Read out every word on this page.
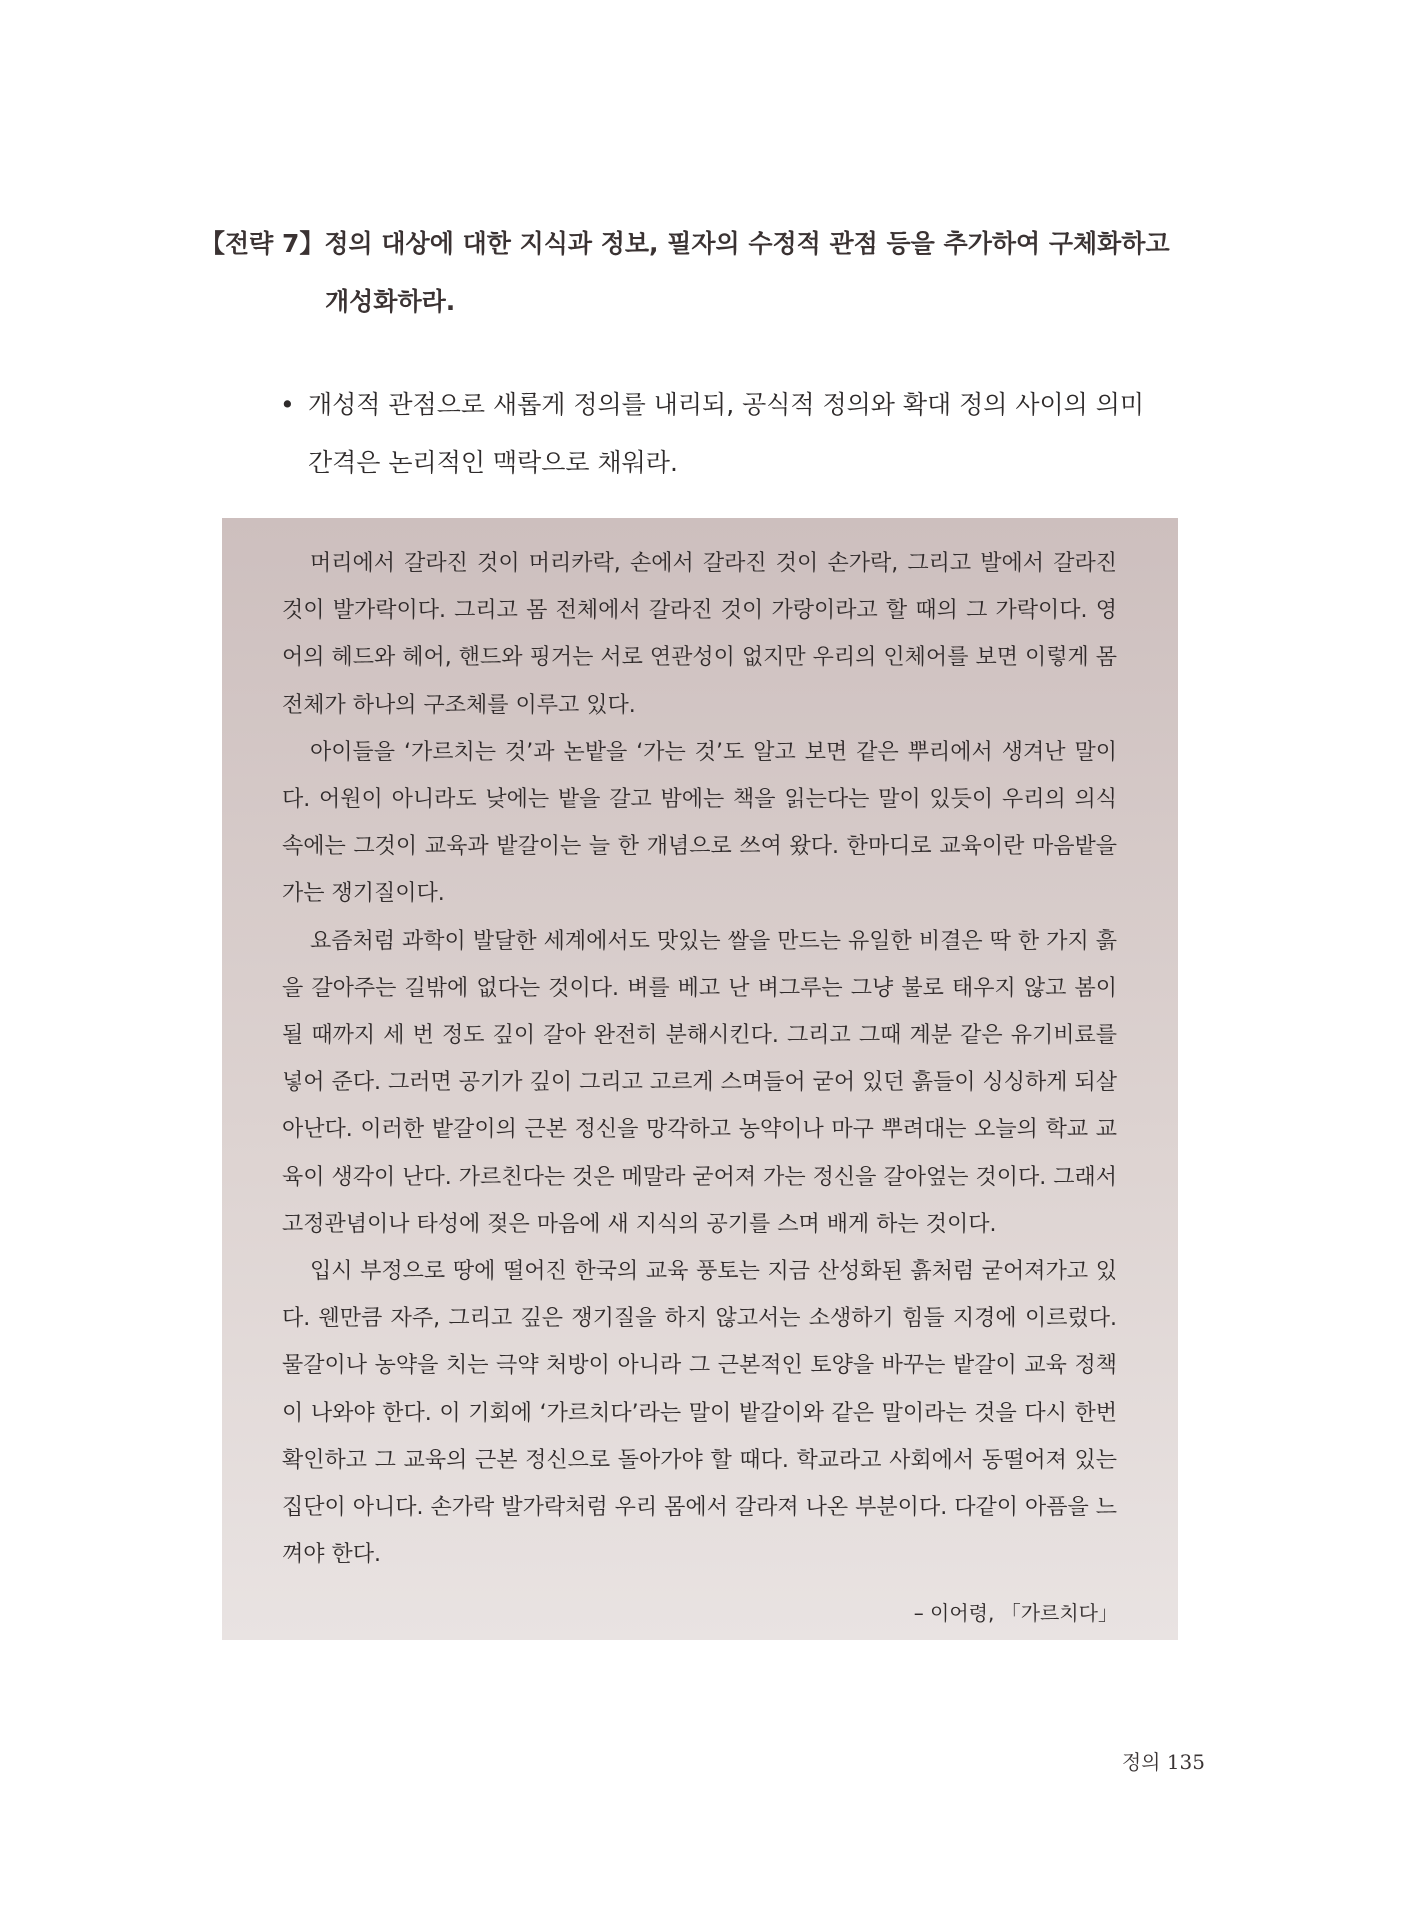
【전략 7】정의 대상에 대한 지식과 정보, 필자의 수정적 관점 등을 추가하여 구체화하고
개성화하라.
• 개성적 관점으로 새롭게 정의를 내리되, 공식적 정의와 확대 정의 사이의 의미
간격은 논리적인 맥락으로 채워라.

머리에서 갈라진 것이 머리카락, 손에서 갈라진 것이 손가락, 그리고 발에서 갈라진 것이 발가락이다. 그리고 몸 전체에서 갈라진 것이 가랑이라고 할 때의 그 가락이다. 영어의 헤드와 헤어, 핸드와 핑거는 서로 연관성이 없지만 우리의 인체어를 보면 이렇게 몸 전체가 하나의 구조체를 이루고 있다.

아이들을 ‘가르치는 것’과 논밭을 ‘가는 것’도 알고 보면 같은 뿌리에서 생겨난 말이다. 어원이 아니라도 낮에는 밭을 갈고 밤에는 책을 읽는다는 말이 있듯이 우리의 의식 속에는 그것이 교육과 밭갈이는 늘 한 개념으로 쓰여 왔다. 한마디로 교육이란 마음밭을 가는 쟁기질이다.

요즘처럼 과학이 발달한 세계에서도 맛있는 쌀을 만드는 유일한 비결은 딱 한 가지 흙을 갈아주는 길밖에 없다는 것이다. 벼를 베고 난 벼그루는 그냥 불로 태우지 않고 봄이 될 때까지 세 번 정도 깊이 갈아 완전히 분해시킨다. 그리고 그때 계분 같은 유기비료를 넣어 준다. 그러면 공기가 깊이 그리고 고르게 스며들어 굳어 있던 흙들이 싱싱하게 되살아난다. 이러한 밭갈이의 근본 정신을 망각하고 농약이나 마구 뿌려대는 오늘의 학교 교육이 생각이 난다. 가르친다는 것은 메말라 굳어져 가는 정신을 갈아엎는 것이다. 그래서 고정관념이나 타성에 젖은 마음에 새 지식의 공기를 스며 배게 하는 것이다.

입시 부정으로 땅에 떨어진 한국의 교육 풍토는 지금 산성화된 흙처럼 굳어져가고 있다. 웬만큼 자주, 그리고 깊은 쟁기질을 하지 않고서는 소생하기 힘들 지경에 이르렀다. 물갈이나 농약을 치는 극약 처방이 아니라 그 근본적인 토양을 바꾸는 밭갈이 교육 정책이 나와야 한다. 이 기회에 ‘가르치다’라는 말이 밭갈이와 같은 말이라는 것을 다시 한번 확인하고 그 교육의 근본 정신으로 돌아가야 할 때다. 학교라고 사회에서 동떨어져 있는 집단이 아니다. 손가락 발가락처럼 우리 몸에서 갈라져 나온 부분이다. 다같이 아픔을 느껴야 한다.

– 이어령, 「가르치다」
정의 135
